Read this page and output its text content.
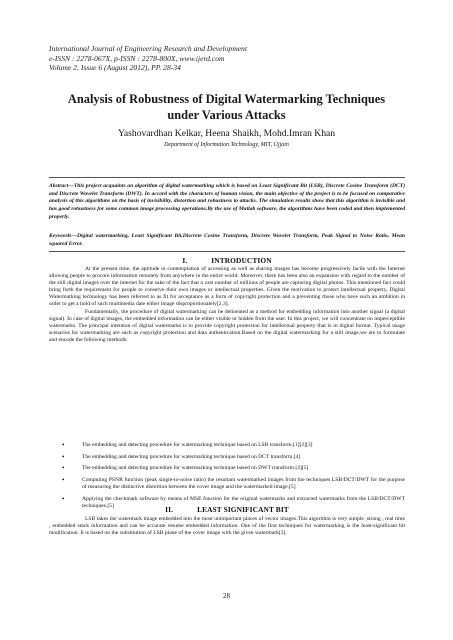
International Journal of Engineering Research and Development
e-ISSN : 2278-067X, p-ISSN : 2278-800X, www.ijerd.com
Volume 2, Issue 6 (August 2012), PP. 28-34
Analysis of Robustness of Digital Watermarking Techniques
under Various Attacks
Yashovardhan Kelkar, Heena Shaikh, Mohd.Imran Khan
Department of Information Technology, MIT, Ujjain
Abstract---This project acquaints an algorithm of digital watermarking which is based on Least Significant Bit (LSB), Discrete Cosine Transform (DCT) and Discrete Wavelet Transform (DWT). In accord with the characters of human vision, the main objective of the project is to be focused on comparative analysis of this algorithms on the basis of invisibility, distortion and robustness to attacks. The simulation results show that this algorithm is invisible and has good robustness for some common image processing operations.By the use of Matlab software, the algorithms have been coded and then implemented properly.
Keywords---Digital watermarking, Least Significant Bit,Discrete Cosine Transform, Discrete Wavelet Transform, Peak Signal to Noise Ratio, Mean squared Error.
I.	INTRODUCTION

At the present time, the aptitude in contemplation of accessing as well as sharing images has become progressively facile with the Internet allowing people to procure information remotely from anywhere in the entire world. Moreover, there has been also an expansion with regard to the number of the still digital images over the internet for the sake of the fact that a vast number of millions of people are capturing digital photos. This mentioned fact could bring forth the requirement for people to conserve their own images or intellectual properties. Given the motivation to protect intellectual property, Digital Watermarking technology has been referred to as fit for acceptance as a form of copyright protection and a preventing those who have such an ambition in order to get a hold of such multimedia date either image disproportionately[2,3].

Fundamentally, the procedure of digital watermarking can be delineated as a method for embedding information into another signal (a digital signal). In case of digital images, the embedded information can be either visible or hidden from the user. In this project, we will concentrate on imperceptible watermarks. The principal intention of digital watermarks is to provide copyright protection for intellectual property that is in digital format. Typical usage scenarios for watermarking are such as copyright protection and data authentication.Based on the digital watermarking for a still image,we are to formulate and encode the following methods:

•	The embedding and detecting procedure for watermarking technique based on LSB transform.[1][2][3]
•	The embedding and detecting procedure for watermarking technique based on DCT transform.[4]
•	The embedding and detecting procedure for watermarking technique based on DWT transform.[4][5]
•	Computing PSNR function (peak single-to-noise ratio) the resultant watermarked images from the techniques LSB/DCT/DWT for the purpose of measuring the distinctive distortion between the cover image and the watermarked image.[5]
•	Applying the checkmark software by means of MSE function for the original watermarks and extracted watermarks from the LSB/DCT/DWT techniques.[5]	II.	LEAST SIGNIFICANT BIT

LSB takes the watermark image embedded into the most unimportant places of vector images.This algorithm is very simple ,strong , real time , embedded stack information and can be accurate resume embedded information. One of the first techniques for watermarking is the least-significant bit modification. It is based on the substitution of LSB plane of the cover image with the given watermark[3].

28
